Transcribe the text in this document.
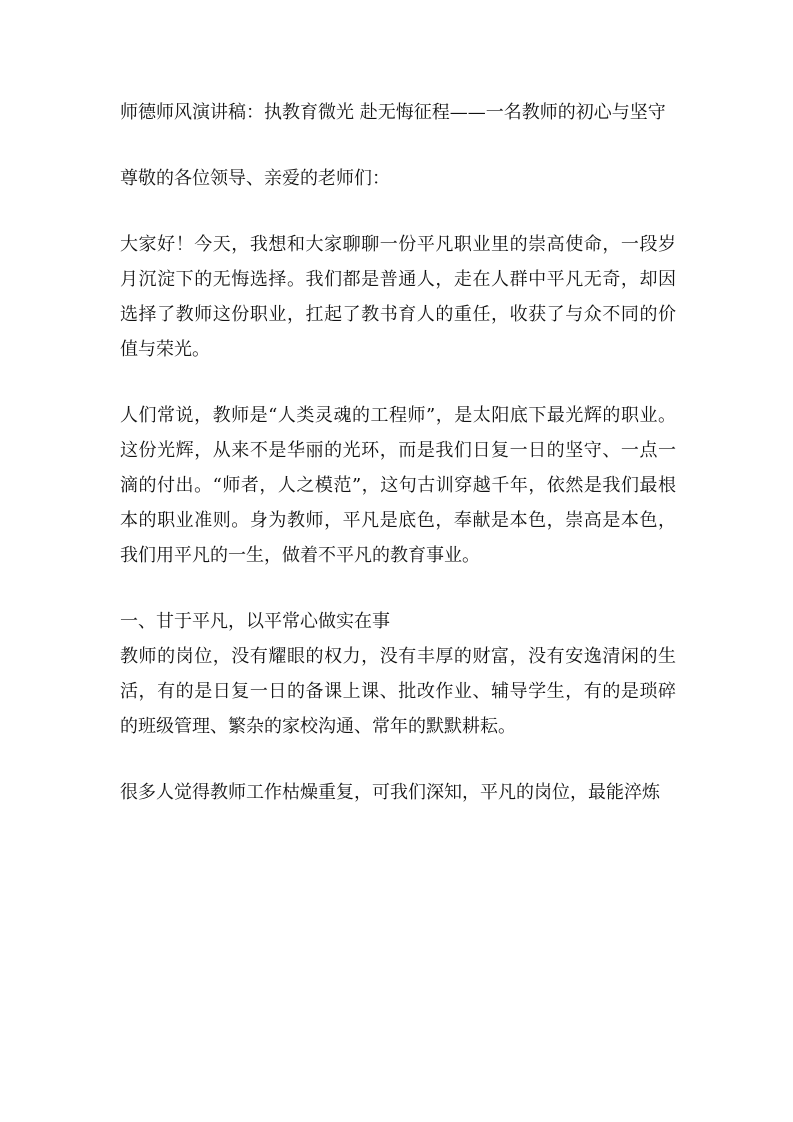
师德师风演讲稿：执教育微光 赴无悔征程——一名教师的初心与坚守

尊敬的各位领导、亲爱的老师们：

大家好！今天，我想和大家聊聊一份平凡职业里的崇高使命，一段岁月沉淀下的无悔选择。我们都是普通人，走在人群中平凡无奇，却因选择了教师这份职业，扛起了教书育人的重任，收获了与众不同的价值与荣光。

人们常说，教师是“人类灵魂的工程师”，是太阳底下最光辉的职业。这份光辉，从来不是华丽的光环，而是我们日复一日的坚守、一点一滴的付出。“师者，人之模范”，这句古训穿越千年，依然是我们最根本的职业准则。身为教师，平凡是底色，奉献是本色，崇高是本色，我们用平凡的一生，做着不平凡的教育事业。

一、甘于平凡，以平常心做实在事

教师的岗位，没有耀眼的权力，没有丰厚的财富，没有安逸清闲的生活，有的是日复一日的备课上课、批改作业、辅导学生，有的是琐碎的班级管理、繁杂的家校沟通、常年的默默耕耘。

很多人觉得教师工作枯燥重复，可我们深知，平凡的岗位，最能淬炼
